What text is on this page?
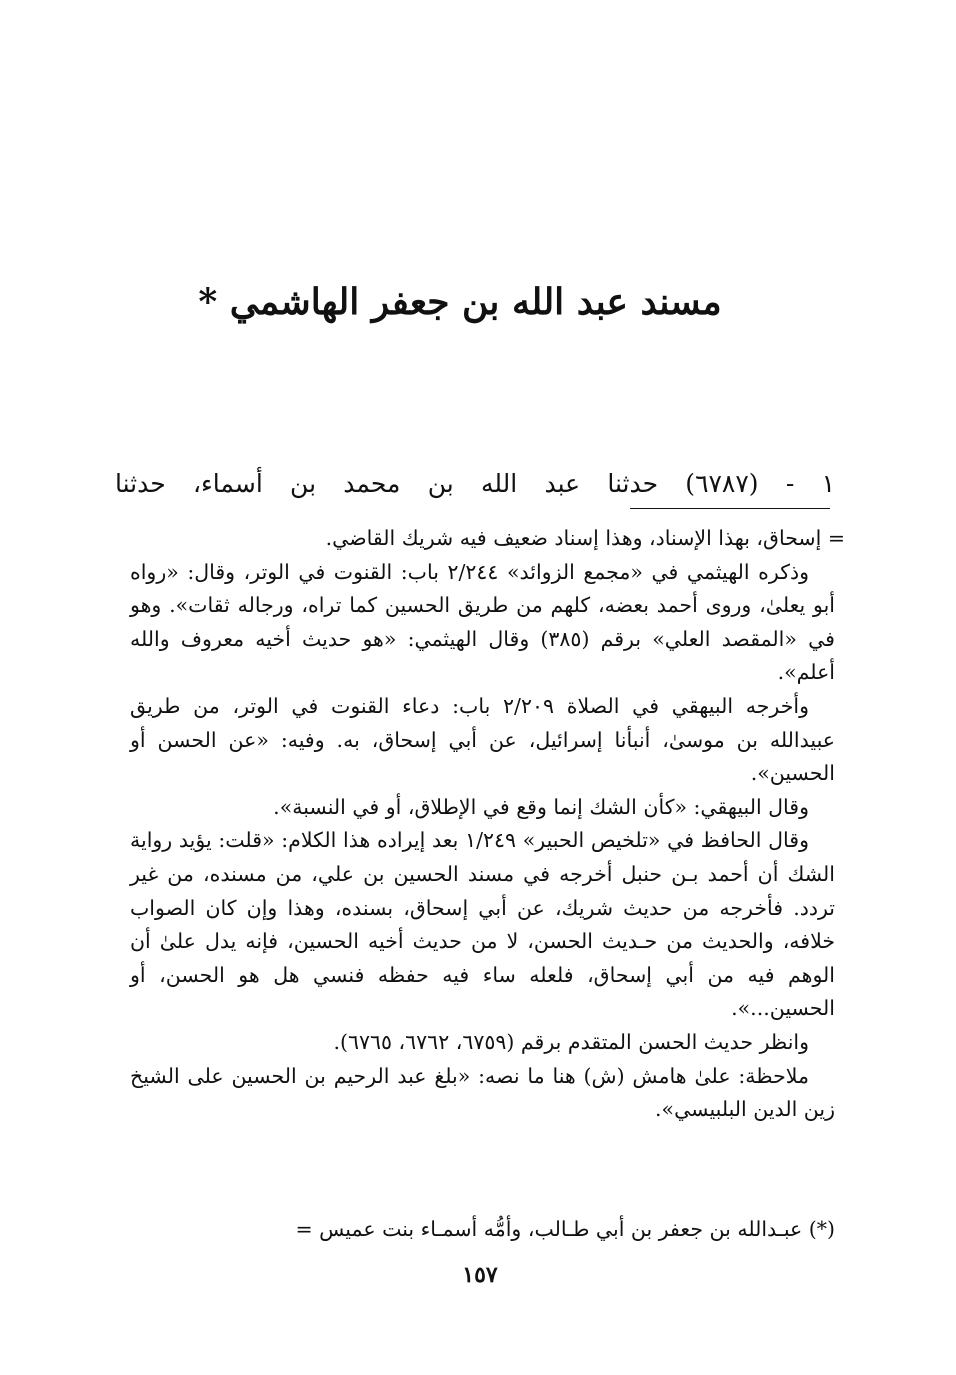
مسند عبد الله بن جعفر الهاشمي *
١ - (٦٧٨٧) حدثنا عبد الله بن محمد بن أسماء، حدثنا

= إسحاق، بهذا الإسناد، وهذا إسناد ضعيف فيه شريك القاضي.

وذكره الهيثمي في «مجمع الزوائد» ٢/٢٤٤ باب: القنوت في الوتر، وقال: «رواه أبو يعلىٰ، وروى أحمد بعضه، كلهم من طريق الحسين كما تراه، ورجاله ثقات». وهو في «المقصد العلي» برقم (٣٨٥) وقال الهيثمي: «هو حديث أخيه معروف والله أعلم».

وأخرجه البيهقي في الصلاة ٢/٢٠٩ باب: دعاء القنوت في الوتر، من طريق عبيدالله بن موسىٰ، أنبأنا إسرائيل، عن أبي إسحاق، به. وفيه: «عن الحسن أو الحسين».

وقال البيهقي: «كأن الشك إنما وقع في الإطلاق، أو في النسبة».

وقال الحافظ في «تلخيص الحبير» ١/٢٤٩ بعد إيراده هذا الكلام: «قلت: يؤيد رواية الشك أن أحمد بـن حنبل أخرجه في مسند الحسين بن علي، من مسنده، من غير تردد. فأخرجه من حديث شريك، عن أبي إسحاق، بسنده، وهذا وإن كان الصواب خلافه، والحديث من حـديث الحسن، لا من حديث أخيه الحسين، فإنه يدل علىٰ أن الوهم فيه من أبي إسحاق، فلعله ساء فيه حفظه فنسي هل هو الحسن، أو الحسين...».

وانظر حديث الحسن المتقدم برقم (٦٧٥٩، ٦٧٦٢، ٦٧٦٥).

ملاحظة: علىٰ هامش (ش) هنا ما نصه: «بلغ عبد الرحيم بن الحسين على الشيخ زين الدين البلبيسي».

(*) عبـدالله بن جعفر بن أبي طـالب، وأمُّه أسمـاء بنت عميس =
١٥٧
